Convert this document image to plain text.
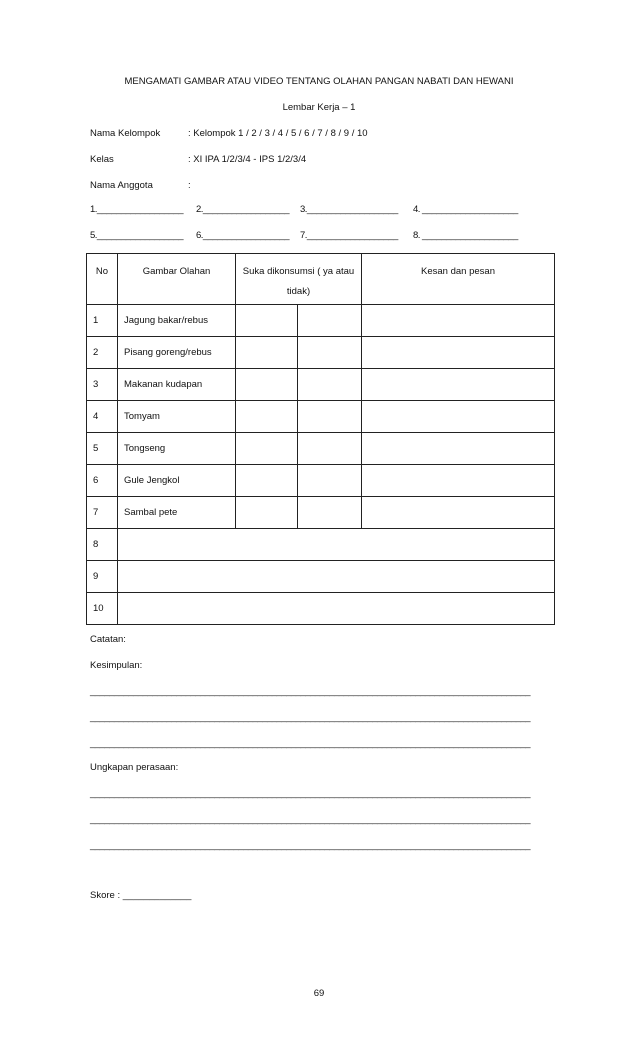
MENGAMATI GAMBAR ATAU VIDEO TENTANG OLAHAN PANGAN NABATI DAN HEWANI
Lembar Kerja – 1
Nama Kelompok	: Kelompok 1 / 2 / 3 / 4 / 5 / 6 / 7 / 8 / 9 / 10
Kelas	: XI IPA 1/2/3/4 - IPS 1/2/3/4
Nama Anggota	:
1.__________________ 2.__________________ 3.___________________ 4. ____________________
5.__________________ 6.__________________ 7.___________________ 8. ____________________
No	Gambar Olahan	Suka dikonsumsi ( ya atau tidak)		Kesan dan pesan
1	Jagung bakar/rebus			
2	Pisang goreng/rebus			
3	Makanan kudapan			
4	Tomyam			
5	Tongseng			
6	Gule Jengkol			
7	Sambal pete			
8				
9				
10				
Catatan:
Kesimpulan:
____________________________________________________________________________________________
____________________________________________________________________________________________
____________________________________________________________________________________________
Ungkapan perasaan:
____________________________________________________________________________________________
____________________________________________________________________________________________
____________________________________________________________________________________________
Skore : _____________
69
